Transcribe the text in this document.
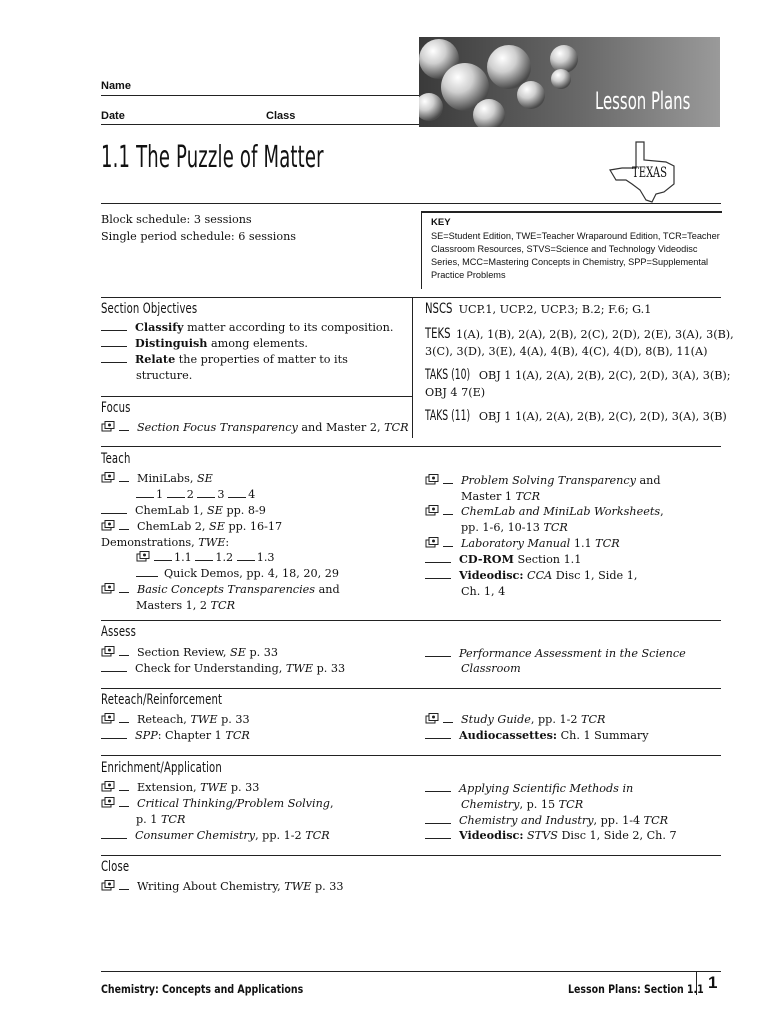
Name
Date	Class
Lesson Plans
TEXAS
1.1 The Puzzle of Matter
Block schedule: 3 sessions
Single period schedule: 6 sessions
KEY
SE=Student Edition, TWE=Teacher Wraparound Edition, TCR=Teacher
Classroom Resources, STVS=Science and Technology Videodisc
Series, MCC=Mastering Concepts in Chemistry, SPP=Supplemental
Practice Problems
Section Objectives
Classify matter according to its composition.
Distinguish among elements.
Relate the properties of matter to its
structure.
NSCS UCP.1, UCP.2, UCP.3; B.2; F.6; G.1
TEKS 1(A), 1(B), 2(A), 2(B), 2(C), 2(D), 2(E), 3(A), 3(B),
3(C), 3(D), 3(E), 4(A), 4(B), 4(C), 4(D), 8(B), 11(A)
TAKS (10) OBJ 1 1(A), 2(A), 2(B), 2(C), 2(D), 3(A), 3(B);
OBJ 4 7(E)
TAKS (11) OBJ 1 1(A), 2(A), 2(B), 2(C), 2(D), 3(A), 3(B)
Focus
Section Focus Transparency and Master 2, TCR
Teach
MiniLabs, SE
1 2 3 4
ChemLab 1, SE pp. 8-9
ChemLab 2, SE pp. 16-17
Demonstrations, TWE:
1.1 1.2 1.3
Quick Demos, pp. 4, 18, 20, 29
Basic Concepts Transparencies and
Masters 1, 2 TCR
Problem Solving Transparency and
Master 1 TCR
ChemLab and MiniLab Worksheets,
pp. 1-6, 10-13 TCR
Laboratory Manual 1.1 TCR
CD-ROM Section 1.1
Videodisc: CCA Disc 1, Side 1,
Ch. 1, 4
Assess
Section Review, SE p. 33
Check for Understanding, TWE p. 33
Performance Assessment in the Science
Classroom
Reteach/Reinforcement
Reteach, TWE p. 33
SPP: Chapter 1 TCR
Study Guide, pp. 1-2 TCR
Audiocassettes: Ch. 1 Summary
Enrichment/Application
Extension, TWE p. 33
Critical Thinking/Problem Solving,
p. 1 TCR
Consumer Chemistry, pp. 1-2 TCR
Applying Scientific Methods in
Chemistry, p. 15 TCR
Chemistry and Industry, pp. 1-4 TCR
Videodisc: STVS Disc 1, Side 2, Ch. 7
Close
Writing About Chemistry, TWE p. 33
Chemistry: Concepts and Applications	Lesson Plans: Section 1.1 1
